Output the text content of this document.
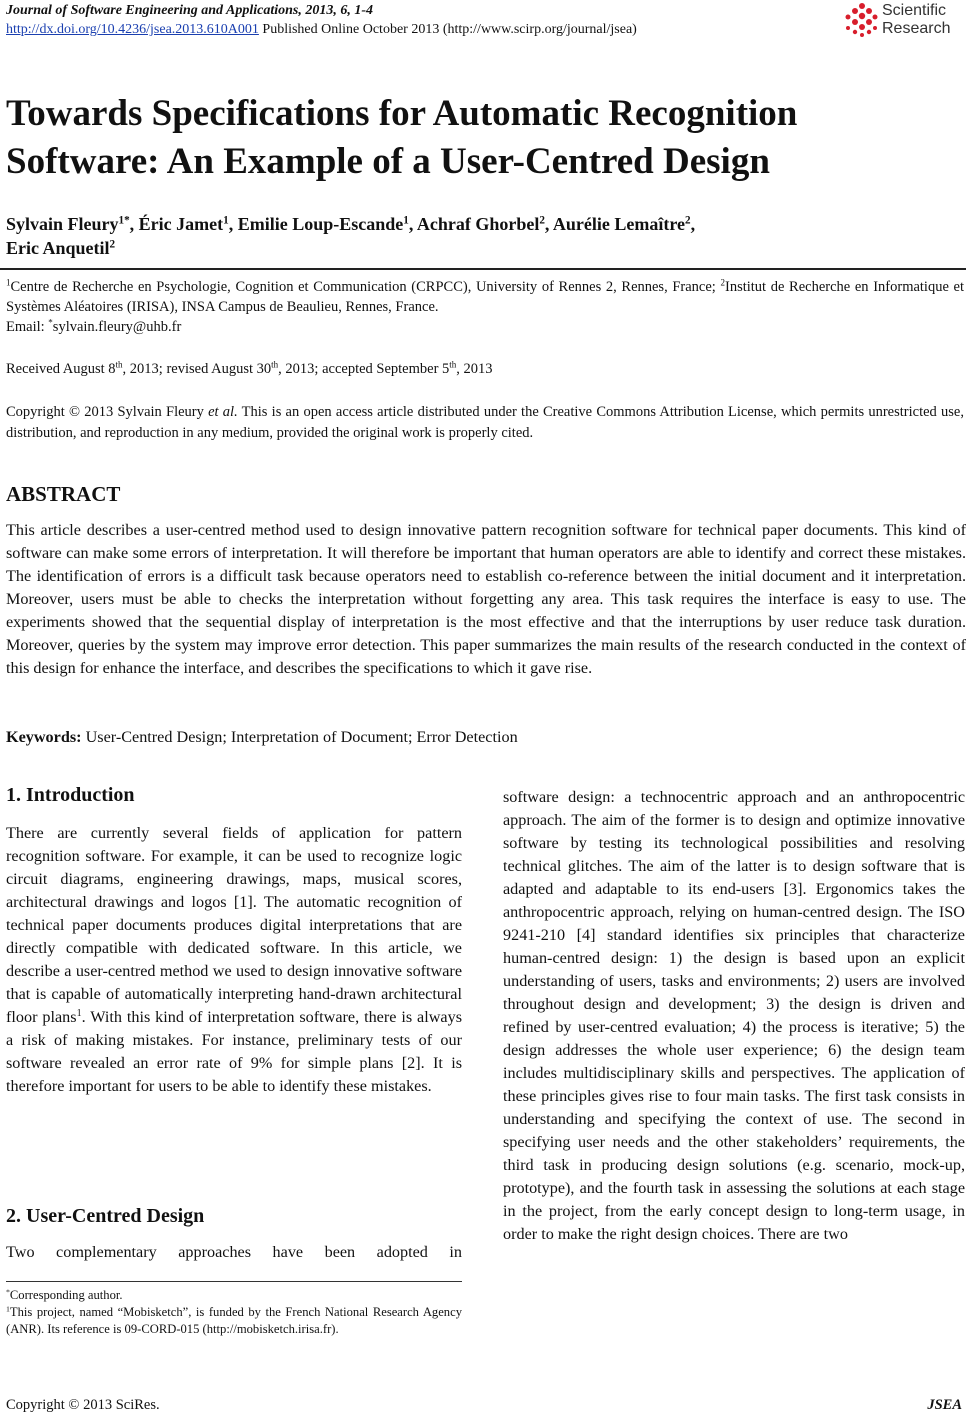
Journal of Software Engineering and Applications, 2013, 6, 1-4
http://dx.doi.org/10.4236/jsea.2013.610A001 Published Online October 2013 (http://www.scirp.org/journal/jsea)
Scientific
Research
Towards Specifications for Automatic Recognition Software: An Example of a User-Centred Design
Sylvain Fleury$^{1*}$, Éric Jamet$^1$, Emilie Loup-Escande$^1$, Achraf Ghorbel$^2$, Aurélie Lemaître$^2$,
Eric Anquetil$^2$
$^1$Centre de Recherche en Psychologie, Cognition et Communication (CRPCC), University of Rennes 2, Rennes, France; $^2$Institut de Recherche en Informatique et Systèmes Aléatoires (IRISA), INSA Campus de Beaulieu, Rennes, France.
Email: *sylvain.fleury@uhb.fr
Received August 8th, 2013; revised August 30th, 2013; accepted September 5th, 2013
Copyright © 2013 Sylvain Fleury et al. This is an open access article distributed under the Creative Commons Attribution License, which permits unrestricted use, distribution, and reproduction in any medium, provided the original work is properly cited.
ABSTRACT
This article describes a user-centred method used to design innovative pattern recognition software for technical paper documents. This kind of software can make some errors of interpretation. It will therefore be important that human operators are able to identify and correct these mistakes. The identification of errors is a difficult task because operators need to establish co-reference between the initial document and it interpretation. Moreover, users must be able to checks the interpretation without forgetting any area. This task requires the interface is easy to use. The experiments showed that the sequential display of interpretation is the most effective and that the interruptions by user reduce task duration. Moreover, queries by the system may improve error detection. This paper summarizes the main results of the research conducted in the context of this design for enhance the interface, and describes the specifications to which it gave rise.
Keywords: User-Centred Design; Interpretation of Document; Error Detection
1. Introduction
There are currently several fields of application for pattern recognition software. For example, it can be used to recognize logic circuit diagrams, engineering drawings, maps, musical scores, architectural drawings and logos [1]. The automatic recognition of technical paper documents produces digital interpretations that are directly compatible with dedicated software. In this article, we describe a user-centred method we used to design innovative software that is capable of automatically interpreting hand-drawn architectural floor plans$^1$. With this kind of interpretation software, there is always a risk of making mistakes. For instance, preliminary tests of our software revealed an error rate of 9% for simple plans [2]. It is therefore important for users to be able to identify these mistakes.
2. User-Centred Design
Two complementary approaches have been adopted in
*Corresponding author.
$^1$This project, named “Mobisketch”, is funded by the French National Research Agency (ANR). Its reference is 09-CORD-015 (http://mobisketch.irisa.fr).
software design: a technocentric approach and an anthropocentric approach. The aim of the former is to design and optimize innovative software by testing its technological possibilities and resolving technical glitches. The aim of the latter is to design software that is adapted and adaptable to its end-users [3]. Ergonomics takes the anthropocentric approach, relying on human-centred design. The ISO 9241-210 [4] standard identifies six principles that characterize human-centred design: 1) the design is based upon an explicit understanding of users, tasks and environments; 2) users are involved throughout design and development; 3) the design is driven and refined by user-centred evaluation; 4) the process is iterative; 5) the design addresses the whole user experience; 6) the design team includes multidisciplinary skills and perspectives. The application of these principles gives rise to four main tasks. The first task consists in understanding and specifying the context of use. The second in specifying user needs and the other stakeholders’ requirements, the third task in producing design solutions (e.g. scenario, mock-up, prototype), and the fourth task in assessing the solutions at each stage in the project, from the early concept design to long-term usage, in order to make the right design choices. There are two
Copyright © 2013 SciRes.	JSEA
